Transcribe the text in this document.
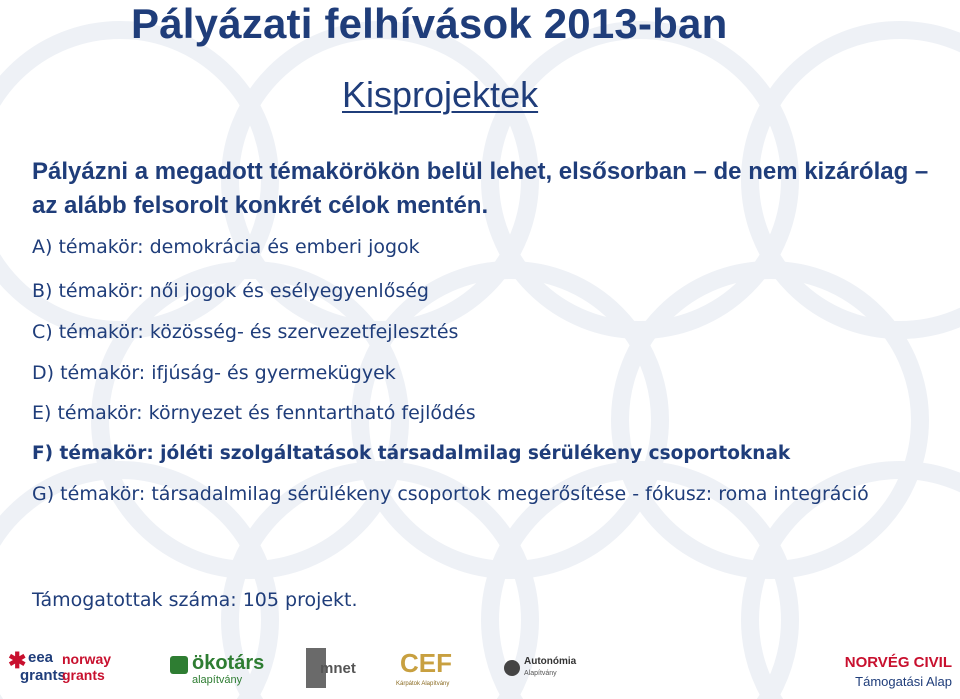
Pályázati felhívások 2013-ban
Kisprojektek
Pályázni a megadott témakörökön belül lehet, elsősorban – de nem kizárólag – az alább felsorolt konkrét célok mentén.
A) témakör: demokrácia és emberi jogok
B) témakör: női jogok és esélyegyenlőség
C) témakör: közösség- és szervezetfejlesztés
D) témakör: ifjúság- és gyermekügyek
E) témakör: környezet és fenntartható fejlődés
F) témakör: jóléti szolgáltatások társadalmilag sérülékeny csoportoknak
G) témakör: társadalmilag sérülékeny csoportok megerősítése - fókusz: roma integráció
Támogatottak száma: 105 projekt.
✱ eea
grants
norway
grants
ökotárs
alapítvány
mnet CEF
Kárpátok Alapítvány
Autonómia
Alapítvány
NORVÉG CIVIL
Támogatási Alap
